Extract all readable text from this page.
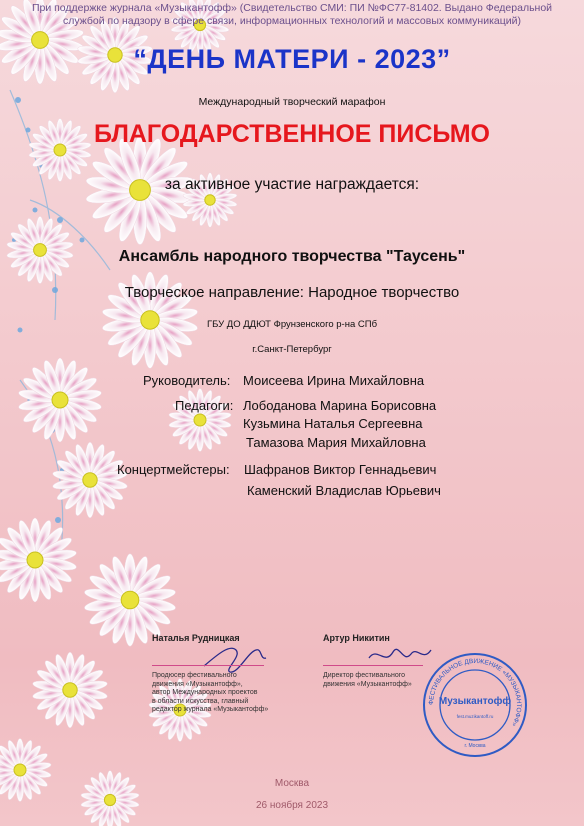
При поддержке журнала «Музыкантофф» (Свидетельство СМИ: ПИ №ФС77-81402. Выдано Федеральной
службой по надзору в сфере связи, информационных технологий и массовых коммуникаций)
“ДЕНЬ МАТЕРИ - 2023”
Международный творческий марафон
БЛАГОДАРСТВЕННОЕ ПИСЬМО
за активное участие награждается:
Ансамбль народного творчества "Таусень"
Творческое направление: Народное творчество
ГБУ ДО ДДЮТ Фрунзенского р-на СПб
г.Санкт-Петербург
Руководитель: Моисеева Ирина Михайловна
Педагоги: Лободанова Марина Борисовна
Кузьмина Наталья Сергеевна
Тамазова Мария Михайловна
Концертмейстеры: Шафранов Виктор Геннадьевич
Каменский Владислав Юрьевич
Наталья Рудницкая
Продюсер фестивального
движения «Музыкантофф»,
автор Международных проектов
в области искусства, главный
редактор журнала «Музыкантофф»
Артур Никитин
Директор фестивального
движения «Музыкантофф»
ФЕСТИВАЛЬНОЕ ДВИЖЕНИЕ «МУЗЫКАНТОФФ»
Музыкантофф
fest.muzikantoff.ru
г. Москва
Москва
26 ноября 2023
